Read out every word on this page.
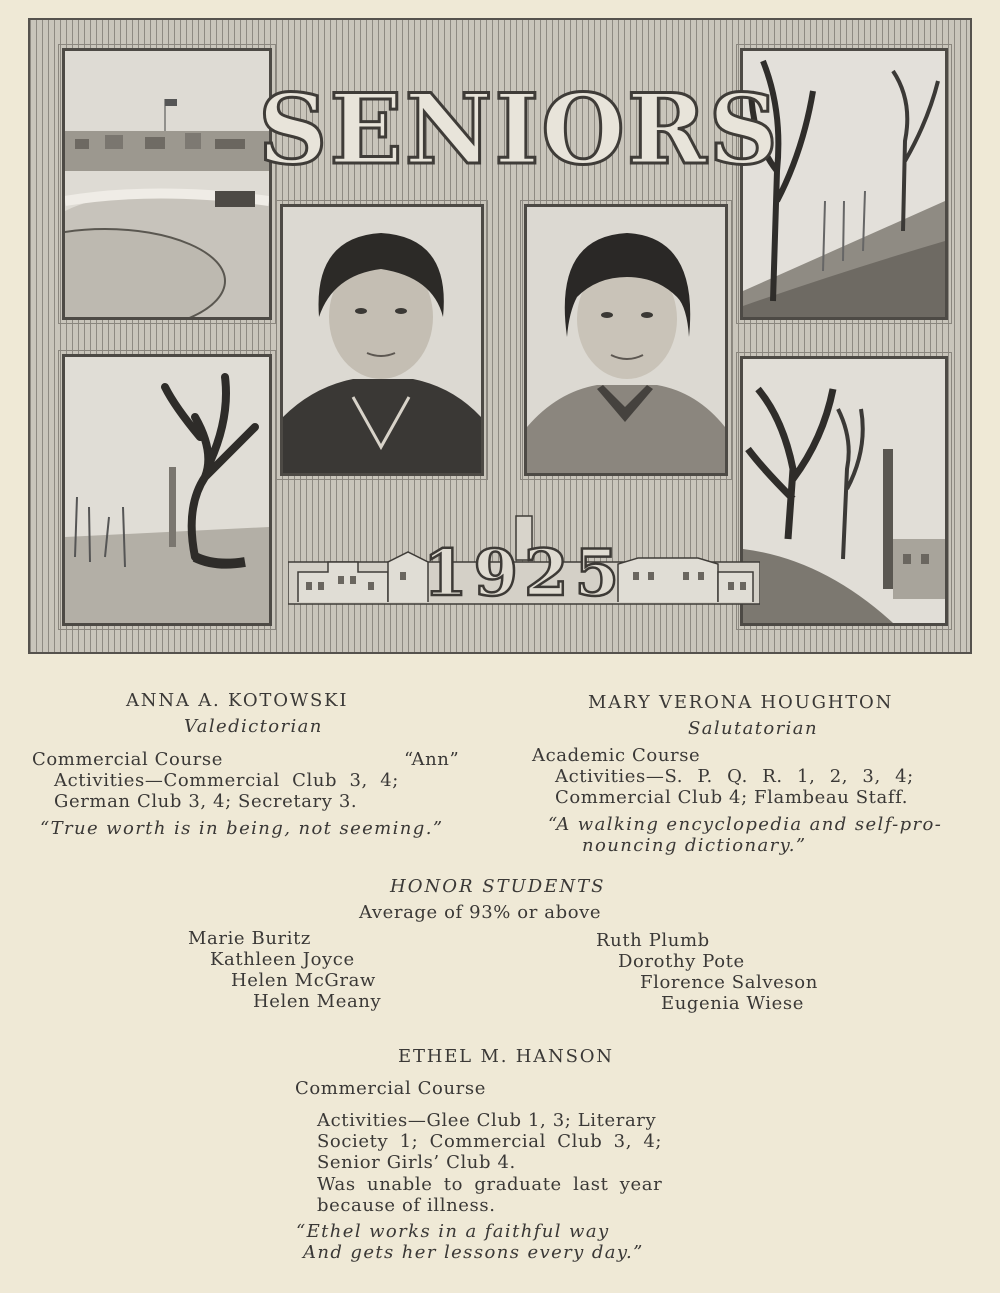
SENIORS
1925
ANNA A. KOTOWSKI
Valedictorian
Commercial Course	“Ann”
Activities—Commercial Club 3, 4;
German Club 3, 4; Secretary 3.
“True worth is in being, not seeming.”
MARY VERONA HOUGHTON
Salutatorian
Academic Course
Activities—S. P. Q. R. 1, 2, 3, 4;
Commercial Club 4; Flambeau Staff.
“A walking encyclopedia and self-pro-
nouncing dictionary.”
HONOR STUDENTS
Average of 93% or above
Marie Buritz
Kathleen Joyce
Helen McGraw
Helen Meany
Ruth Plumb
Dorothy Pote
Florence Salveson
Eugenia Wiese
ETHEL M. HANSON
Commercial Course
Activities—Glee Club 1, 3; Literary
Society 1; Commercial Club 3, 4;
Senior Girls’ Club 4.
Was unable to graduate last year
because of illness.
“Ethel works in a faithful way
And gets her lessons every day.”
